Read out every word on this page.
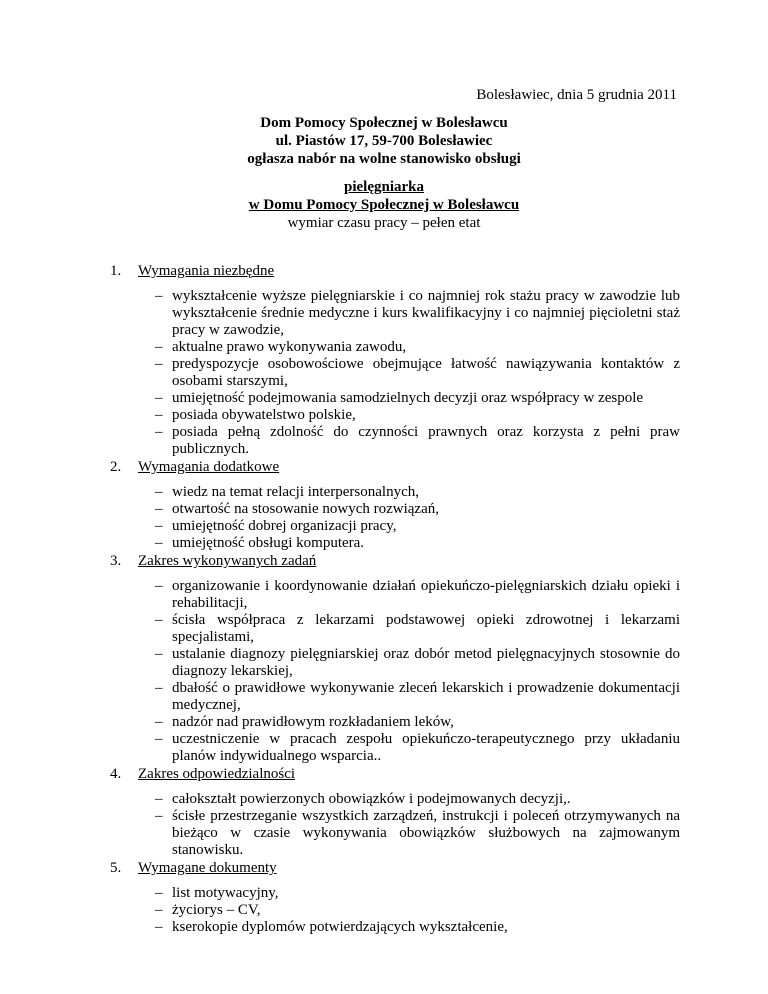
Bolesławiec, dnia 5 grudnia 2011
Dom Pomocy Społecznej w Bolesławcu
ul. Piastów 17, 59-700 Bolesławiec
ogłasza nabór na wolne stanowisko obsługi
pielęgniarka
w Domu Pomocy Społecznej w Bolesławcu
wymiar czasu pracy – pełen etat
1. Wymagania niezbędne
– wykształcenie wyższe pielęgniarskie i co najmniej rok stażu pracy w zawodzie lub wykształcenie średnie medyczne i kurs kwalifikacyjny i co najmniej pięcioletni staż pracy w zawodzie,
– aktualne prawo wykonywania zawodu,
– predyspozycje osobowościowe obejmujące łatwość nawiązywania kontaktów z osobami starszymi,
– umiejętność podejmowania samodzielnych decyzji oraz współpracy w zespole
– posiada obywatelstwo polskie,
– posiada pełną zdolność do czynności prawnych oraz korzysta z pełni praw publicznych.
2. Wymagania dodatkowe
– wiedz na temat relacji interpersonalnych,
– otwartość na stosowanie nowych rozwiązań,
– umiejętność dobrej organizacji pracy,
– umiejętność obsługi komputera.
3. Zakres wykonywanych zadań
– organizowanie i koordynowanie działań opiekuńczo-pielęgniarskich działu opieki i rehabilitacji,
– ścisła współpraca z lekarzami podstawowej opieki zdrowotnej i lekarzami specjalistami,
– ustalanie diagnozy pielęgniarskiej oraz dobór metod pielęgnacyjnych stosownie do diagnozy lekarskiej,
– dbałość o prawidłowe wykonywanie zleceń lekarskich i prowadzenie dokumentacji medycznej,
– nadzór nad prawidłowym rozkładaniem leków,
– uczestniczenie w pracach zespołu opiekuńczo-terapeutycznego przy układaniu planów indywidualnego wsparcia..
4. Zakres odpowiedzialności
– całokształt powierzonych obowiązków i podejmowanych decyzji,.
– ścisłe przestrzeganie wszystkich zarządzeń, instrukcji i poleceń otrzymywanych na bieżąco w czasie wykonywania obowiązków służbowych na zajmowanym stanowisku.
5. Wymagane dokumenty
– list motywacyjny,
– życiorys – CV,
– kserokopie dyplomów potwierdzających wykształcenie,
